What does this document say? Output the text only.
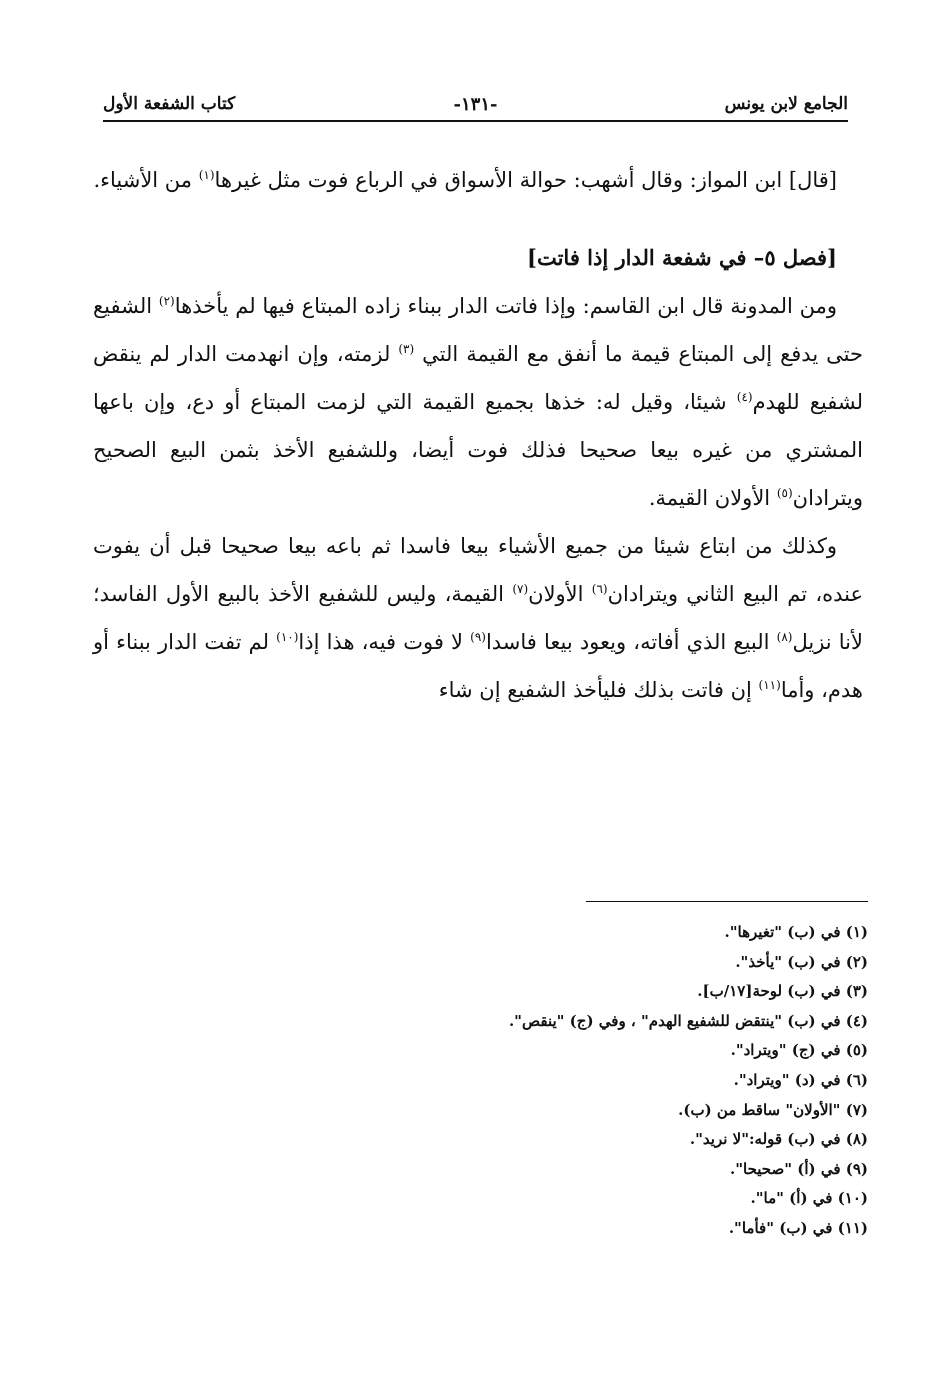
الجامع لابن يونس
-١٣١-
كتاب الشفعة الأول

[قال] ابن المواز: وقال أشهب: حوالة الأسواق في الرباع فوت مثل غيرها$^{(١)}$ من الأشياء.

[فصل ٥– في شفعة الدار إذا فاتت]

ومن المدونة قال ابن القاسم: وإذا فاتت الدار ببناء زاده المبتاع فيها لم يأخذها$^{(٢)}$ الشفيع حتى يدفع إلى المبتاع قيمة ما أنفق مع القيمة التي $^{(٣)}$ لزمته، وإن انهدمت الدار لم ينقض لشفيع للهدم$^{(٤)}$ شيئا، وقيل له: خذها بجميع القيمة التي لزمت المبتاع أو دع، وإن باعها المشتري من غيره بيعا صحيحا فذلك فوت أيضا، وللشفيع الأخذ بثمن البيع الصحيح ويترادان$^{(٥)}$ الأولان القيمة.

وكذلك من ابتاع شيئا من جميع الأشياء بيعا فاسدا ثم باعه بيعا صحيحا قبل أن يفوت عنده، تم البيع الثاني ويترادان$^{(٦)}$ الأولان$^{(٧)}$ القيمة، وليس للشفيع الأخذ بالبيع الأول الفاسد؛ لأنا نزيل$^{(٨)}$ البيع الذي أفاته، ويعود بيعا فاسدا$^{(٩)}$ لا فوت فيه، هذا إذا$^{(١٠)}$ لم تفت الدار ببناء أو هدم، وأما$^{(١١)}$ إن فاتت بذلك فليأخذ الشفيع إن شاء

(١) في (ب) "تغيرها".
(٢) في (ب) "يأخذ".
(٣) في (ب) لوحة[١٧/ب].
(٤) في (ب) "ينتقض للشفيع الهدم" ، وفي (ج) "ينقص".
(٥) في (ج) "ويتراد".
(٦) في (د) "ويتراد".
(٧) "الأولان" ساقط من (ب).
(٨) في (ب) قوله:"لا نريد".
(٩) في (أ) "صحيحا".
(١٠) في (أ) "ما".
(١١) في (ب) "فأما".
